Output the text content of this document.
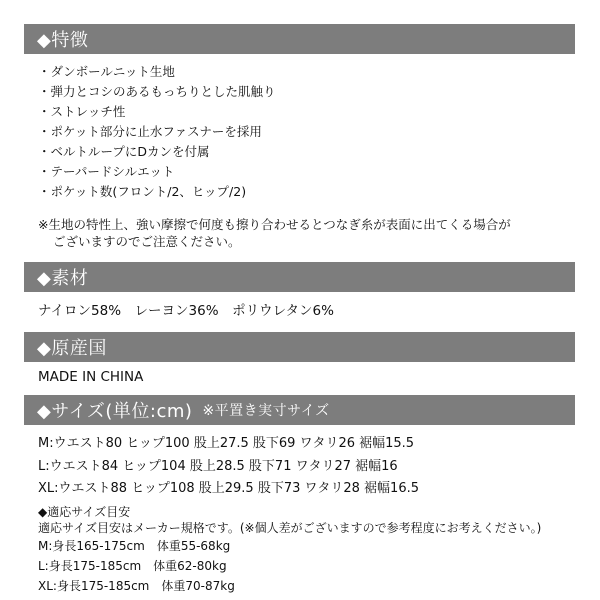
◆特徴
・ダンボールニット生地
・弾力とコシのあるもっちりとした肌触り
・ストレッチ性
・ポケット部分に止水ファスナーを採用
・ベルトループにDカンを付属
・テーパードシルエット
・ポケット数(フロント/2、ヒップ/2)
※生地の特性上、強い摩擦で何度も擦り合わせるとつなぎ糸が表面に出てくる場合が
ございますのでご注意ください。
◆素材
ナイロン58%　レーヨン36%　ポリウレタン6%
◆原産国
MADE IN CHINA
◆サイズ(単位:cm) ※平置き実寸サイズ
M:ウエスト80 ヒップ100 股上27.5 股下69 ワタリ26 裾幅15.5
L:ウエスト84 ヒップ104 股上28.5 股下71 ワタリ27 裾幅16
XL:ウエスト88 ヒップ108 股上29.5 股下73 ワタリ28 裾幅16.5
◆適応サイズ目安
適応サイズ目安はメーカー規格です。(※個人差がございますので参考程度にお考えください。)
M:身長165-175cm　体重55-68kg
L:身長175-185cm　体重62-80kg
XL:身長175-185cm　体重70-87kg
